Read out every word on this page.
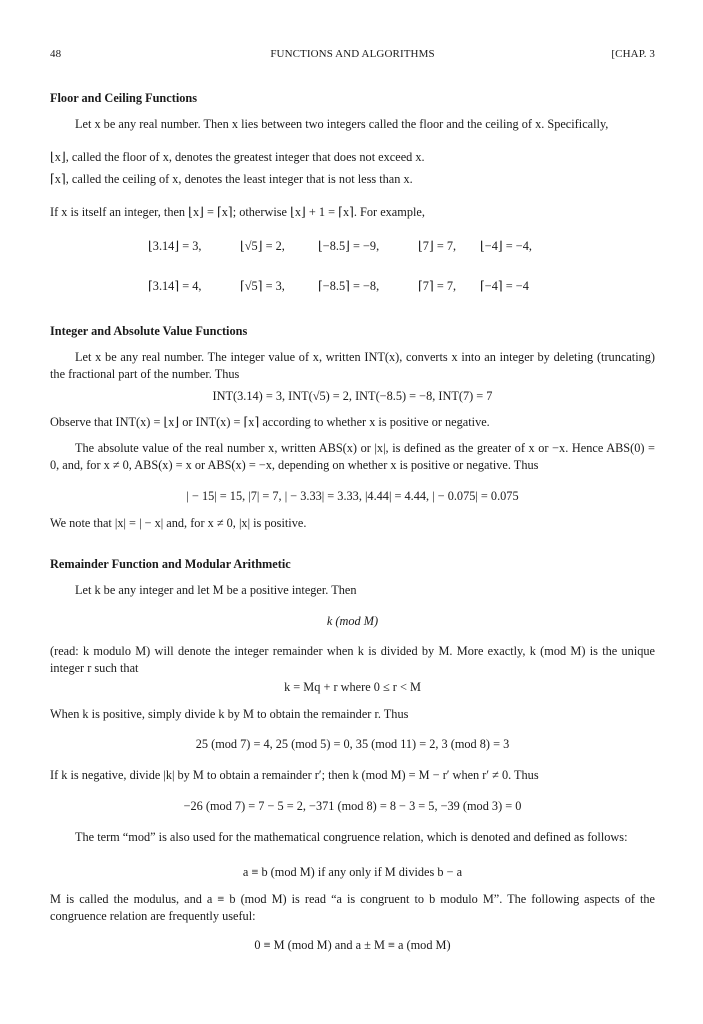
48	FUNCTIONS AND ALGORITHMS	[CHAP. 3
Floor and Ceiling Functions
Let x be any real number. Then x lies between two integers called the floor and the ceiling of x. Specifically,
⌊x⌋, called the floor of x, denotes the greatest integer that does not exceed x.
⌈x⌉, called the ceiling of x, denotes the least integer that is not less than x.
If x is itself an integer, then ⌊x⌋ = ⌈x⌉; otherwise ⌊x⌋ + 1 = ⌈x⌉. For example,
⌊3.14⌋ = 3,	⌊√5⌋ = 2,	⌊−8.5⌋ = −9,	⌊7⌋ = 7, ⌊−4⌋ = −4,
⌈3.14⌉ = 4,	⌈√5⌉ = 3,	⌈−8.5⌉ = −8,	⌈7⌉ = 7, ⌈−4⌉ = −4
Integer and Absolute Value Functions
Let x be any real number. The integer value of x, written INT(x), converts x into an integer by deleting (truncating) the fractional part of the number. Thus
INT(3.14) = 3, INT(√5) = 2, INT(−8.5) = −8, INT(7) = 7
Observe that INT(x) = ⌊x⌋ or INT(x) = ⌈x⌉ according to whether x is positive or negative.
The absolute value of the real number x, written ABS(x) or |x|, is defined as the greater of x or −x. Hence ABS(0) = 0, and, for x ≠ 0, ABS(x) = x or ABS(x) = −x, depending on whether x is positive or negative. Thus
| − 15| = 15, |7| = 7, | − 3.33| = 3.33, |4.44| = 4.44, | − 0.075| = 0.075
We note that |x| = | − x| and, for x ≠ 0, |x| is positive.
Remainder Function and Modular Arithmetic
Let k be any integer and let M be a positive integer. Then
k (mod M)
(read: k modulo M) will denote the integer remainder when k is divided by M. More exactly, k (mod M) is the unique integer r such that
k = Mq + r where 0 ≤ r < M
When k is positive, simply divide k by M to obtain the remainder r. Thus
25 (mod 7) = 4, 25 (mod 5) = 0, 35 (mod 11) = 2, 3 (mod 8) = 3
If k is negative, divide |k| by M to obtain a remainder r′; then k (mod M) = M − r′ when r′ ≠ 0. Thus
−26 (mod 7) = 7 − 5 = 2, −371 (mod 8) = 8 − 3 = 5, −39 (mod 3) = 0
The term “mod” is also used for the mathematical congruence relation, which is denoted and defined as follows:
a ≡ b (mod M) if any only if M divides b − a
M is called the modulus, and a ≡ b (mod M) is read “a is congruent to b modulo M”. The following aspects of the congruence relation are frequently useful:
0 ≡ M (mod M) and a ± M ≡ a (mod M)
